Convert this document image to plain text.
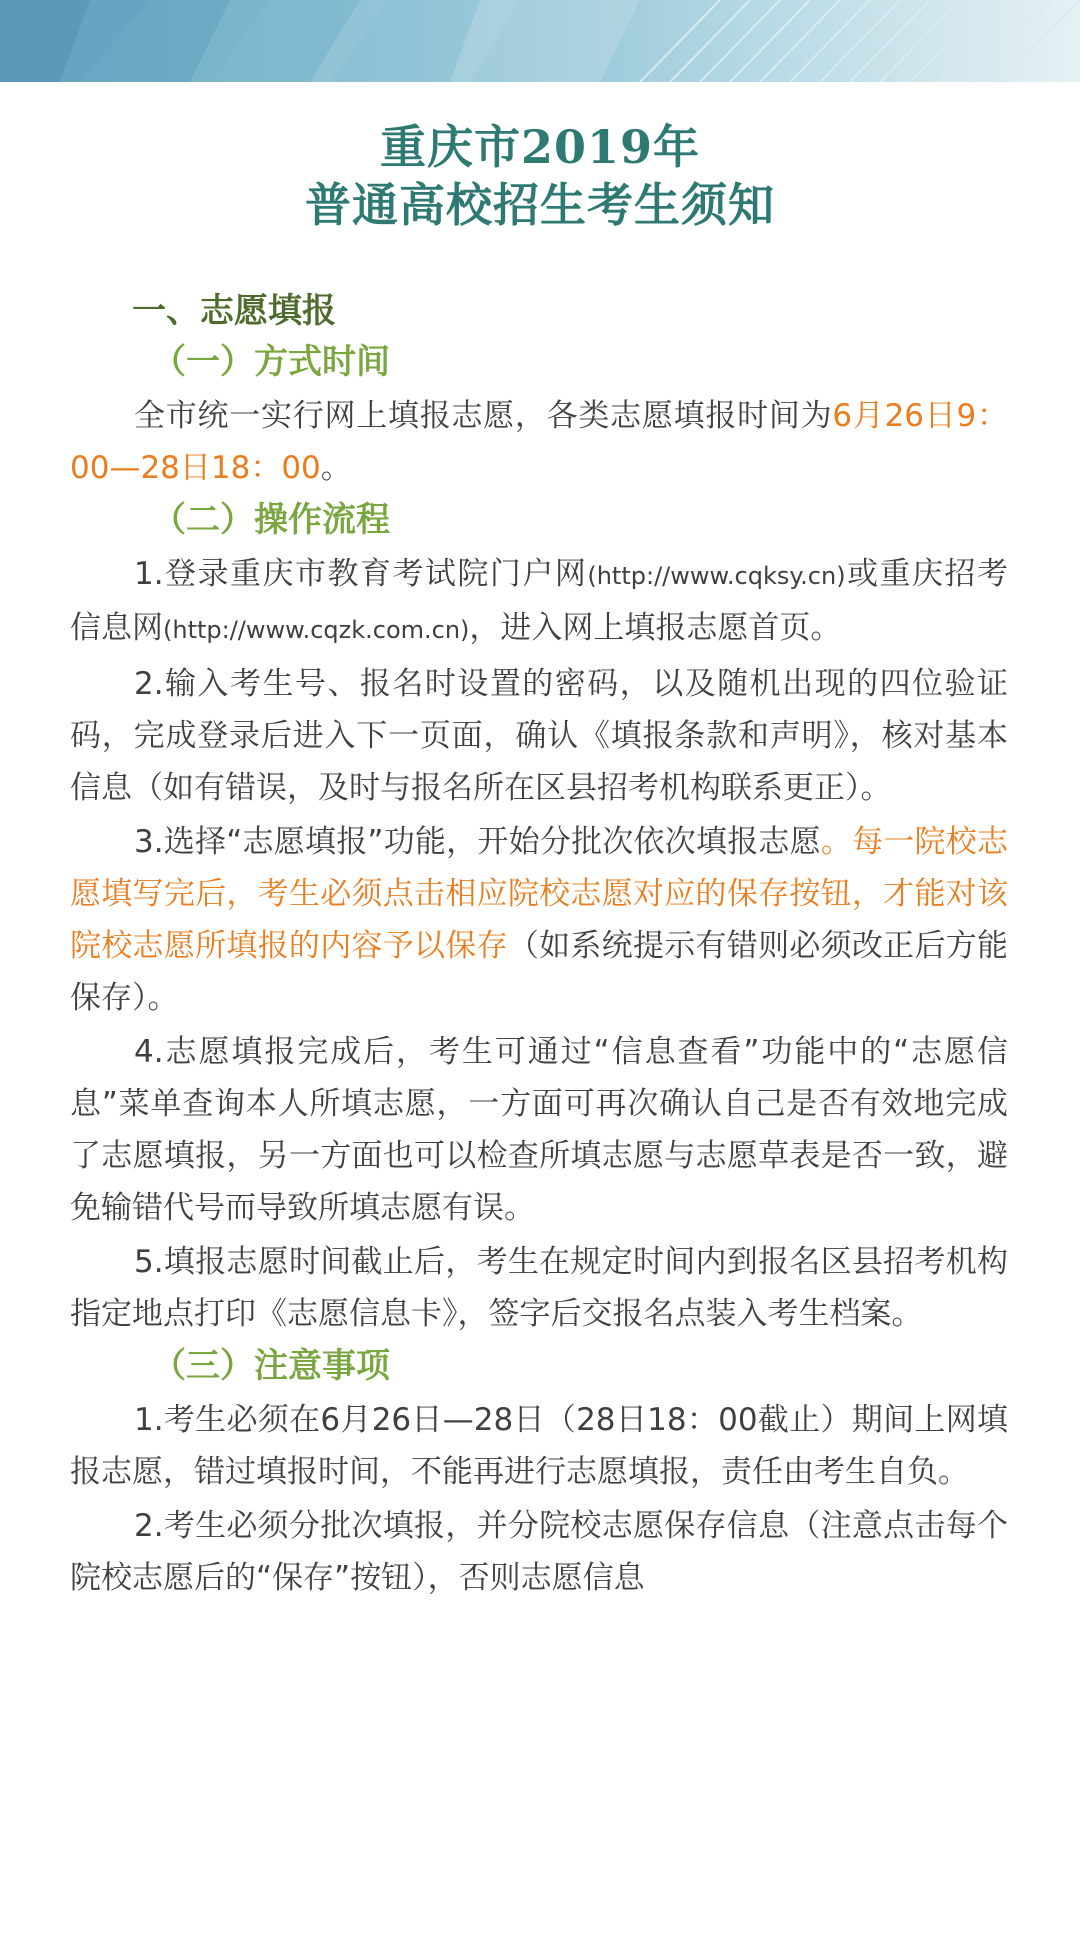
重庆市2019年
普通高校招生考生须知
一、志愿填报
（一）方式时间

全市统一实行网上填报志愿，各类志愿填报时间为6月26日9：00—28日18：00。

（二）操作流程

1.登录重庆市教育考试院门户网(http://www.cqksy.cn)或重庆招考信息网(http://www.cqzk.com.cn)，进入网上填报志愿首页。

2.输入考生号、报名时设置的密码，以及随机出现的四位验证码，完成登录后进入下一页面，确认《填报条款和声明》，核对基本信息（如有错误，及时与报名所在区县招考机构联系更正）。

3.选择“志愿填报”功能，开始分批次依次填报志愿。每一院校志愿填写完后，考生必须点击相应院校志愿对应的保存按钮，才能对该院校志愿所填报的内容予以保存（如系统提示有错则必须改正后方能保存）。

4.志愿填报完成后，考生可通过“信息查看”功能中的“志愿信息”菜单查询本人所填志愿，一方面可再次确认自己是否有效地完成了志愿填报，另一方面也可以检查所填志愿与志愿草表是否一致，避免输错代号而导致所填志愿有误。

5.填报志愿时间截止后，考生在规定时间内到报名区县招考机构指定地点打印《志愿信息卡》，签字后交报名点装入考生档案。

（三）注意事项

1.考生必须在6月26日—28日（28日18：00截止）期间上网填报志愿，错过填报时间，不能再进行志愿填报，责任由考生自负。

2.考生必须分批次填报，并分院校志愿保存信息（注意点击每个院校志愿后的“保存”按钮），否则志愿信息
